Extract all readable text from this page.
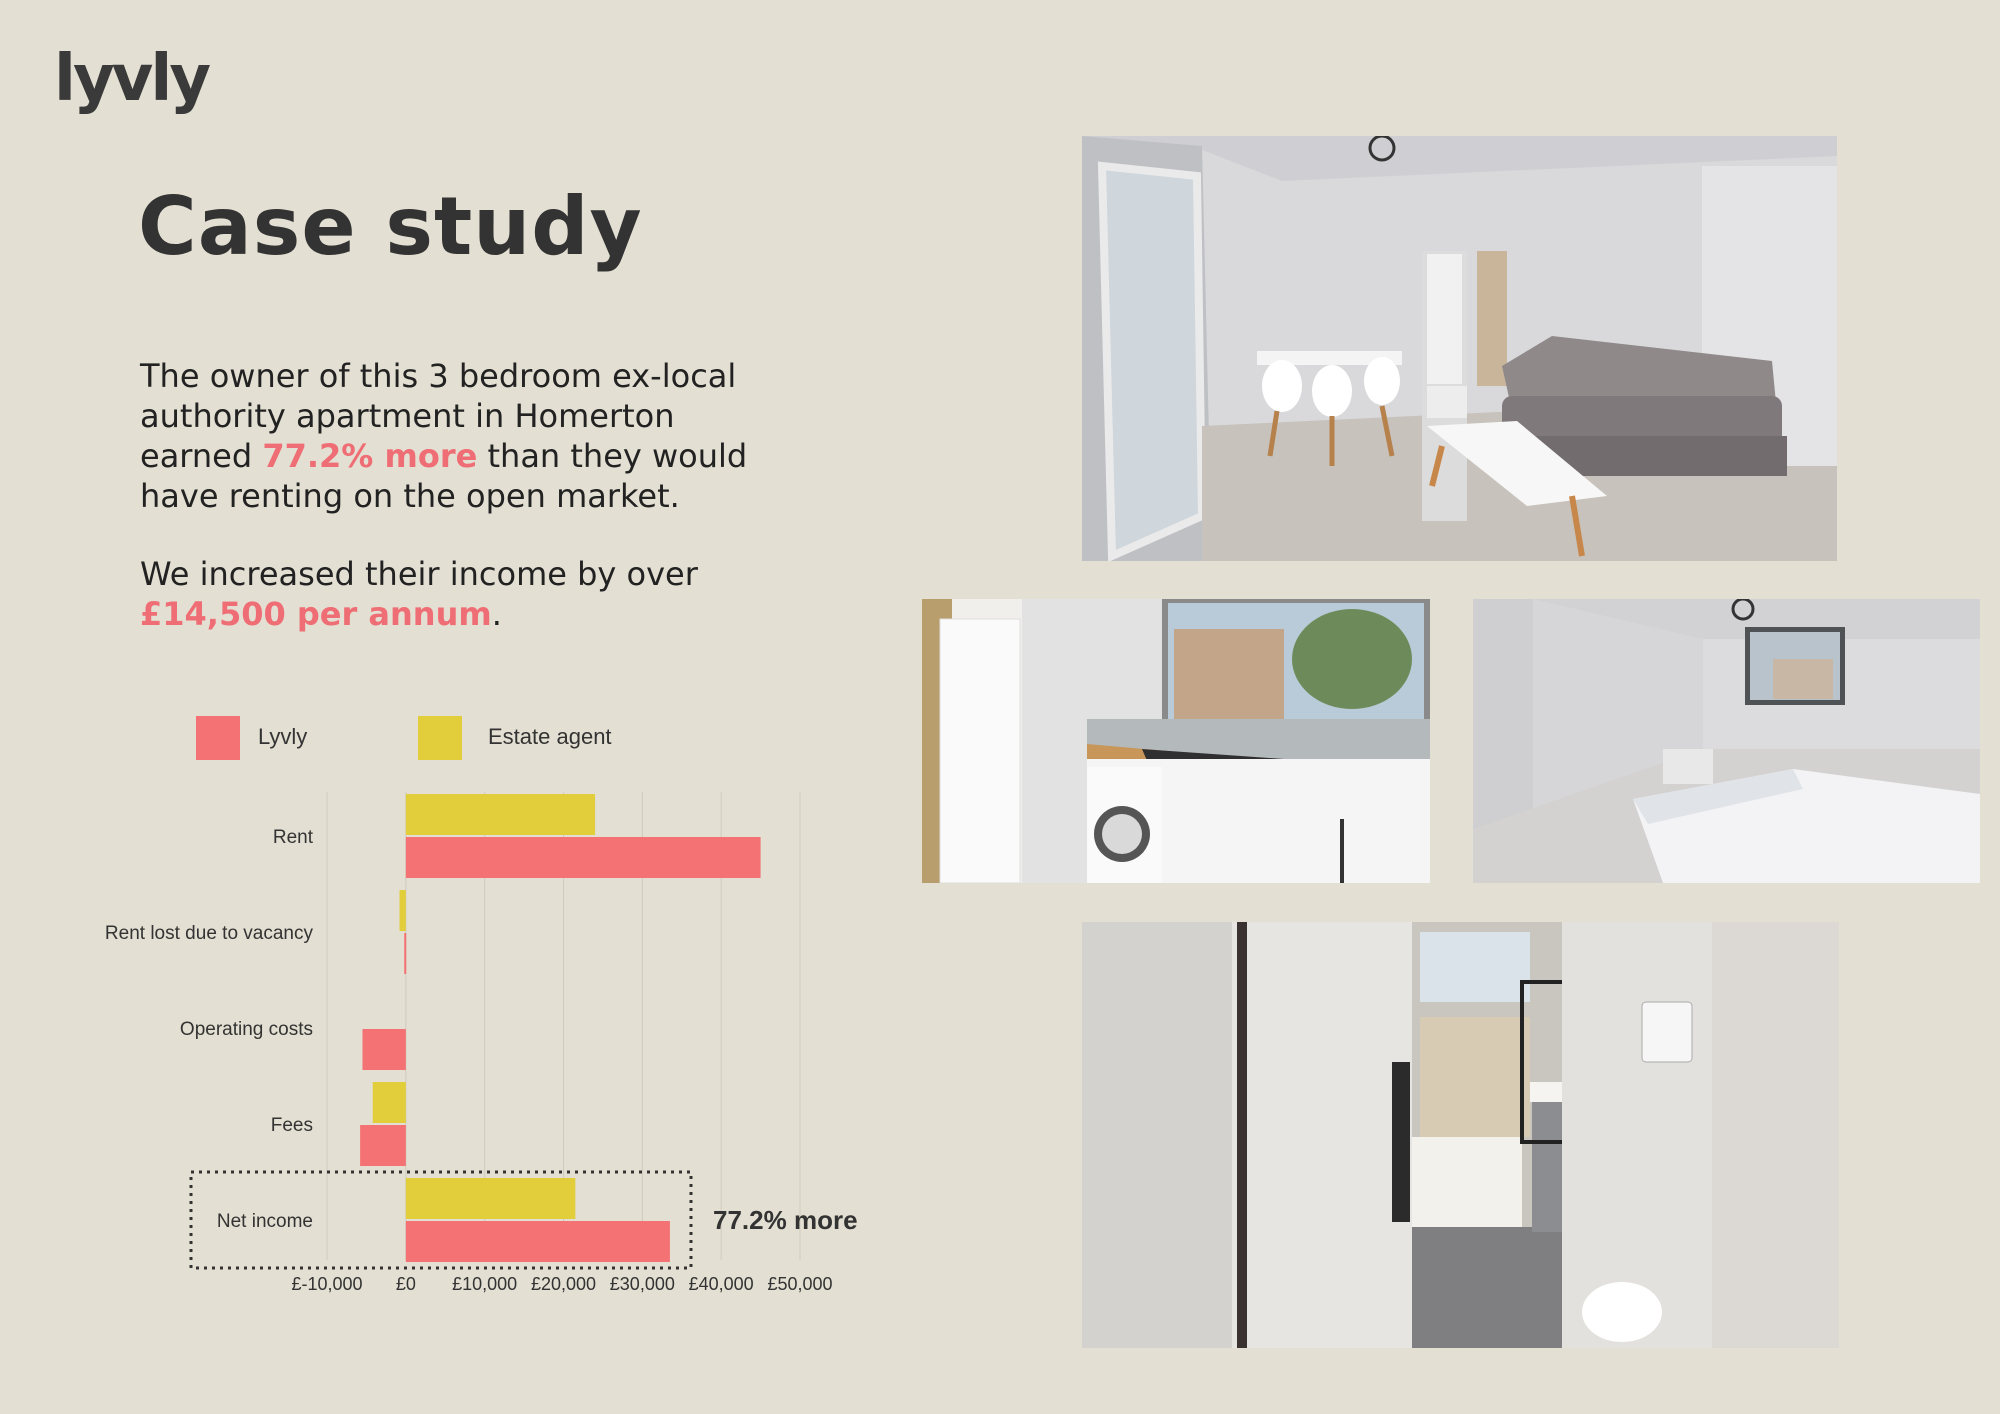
lyvly
Case study

The owner of this 3 bedroom ex-local authority apartment in Homerton earned 77.2% more than they would have renting on the open market.

We increased their income by over £14,500 per annum.

Lyvly	Estate agent
£-10,000 £0 £10,000 £20,000 £30,000 £40,000 £50,000
Rent
Rent lost due to vacancy
Operating costs
Fees
Net income	77.2% more
